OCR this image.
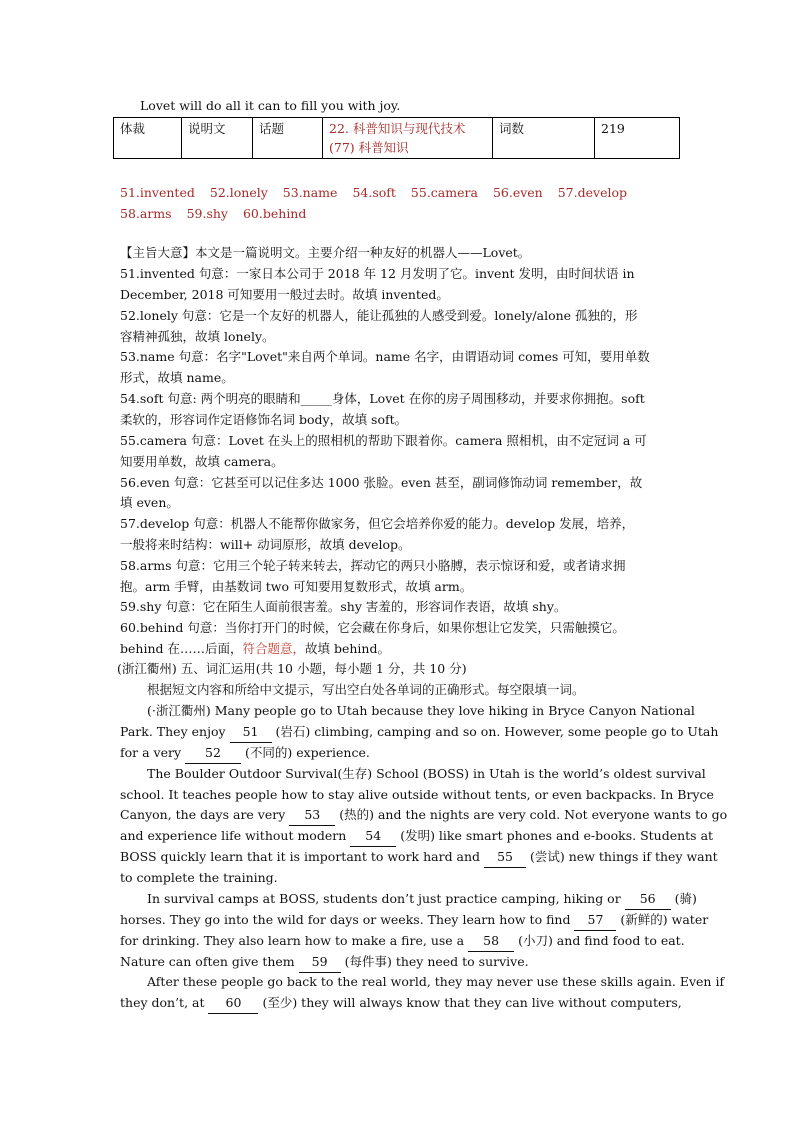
Lovet will do all it can to fill you with joy.
体裁	说明文	话题	22. 科普知识与现代技术
(77) 科普知识
	词数	219
51.invented 52.lonely 53.name 54.soft 55.camera 56.even 57.develop58.arms 59.shy 60.behind
【主旨大意】本文是一篇说明文。主要介绍一种友好的机器人——Lovet。
51.invented 句意：一家日本公司于 2018 年 12 月发明了它。invent 发明，由时间状语 in
December, 2018 可知要用一般过去时。故填 invented。
52.lonely 句意：它是一个友好的机器人，能让孤独的人感受到爱。lonely/alone 孤独的，形
容精神孤独，故填 lonely。
53.name 句意：名字"Lovet"来自两个单词。name 名字，由谓语动词 comes 可知，要用单数
形式，故填 name。
54.soft 句意: 两个明亮的眼睛和_____身体，Lovet 在你的房子周围移动，并要求你拥抱。soft
柔软的，形容词作定语修饰名词 body，故填 soft。
55.camera 句意：Lovet 在头上的照相机的帮助下跟着你。camera 照相机，由不定冠词 a 可
知要用单数，故填 camera。
56.even 句意：它甚至可以记住多达 1000 张脸。even 甚至，副词修饰动词 remember，故
填 even。
57.develop 句意：机器人不能帮你做家务，但它会培养你爱的能力。develop 发展，培养，
一般将来时结构：will+ 动词原形，故填 develop。
58.arms 句意：它用三个轮子转来转去，挥动它的两只小胳膊，表示惊讶和爱，或者请求拥
抱。arm 手臂，由基数词 two 可知要用复数形式，故填 arm。
59.shy 句意：它在陌生人面前很害羞。shy 害羞的，形容词作表语，故填 shy。
60.behind 句意：当你打开门的时候，它会藏在你身后，如果你想让它发笑，只需触摸它。
behind 在……后面，符合题意，故填 behind。
(浙江衢州) 五、词汇运用(共 10 小题，每小题 1 分，共 10 分)
根据短文内容和所给中文提示，写出空白处各单词的正确形式。每空限填一词。
(·浙江衢州) Many people go to Utah because they love hiking in Bryce Canyon National
Park. They enjoy 51 (岩石) climbing, camping and so on. However, some people go to Utah
for a very 52 (不同的) experience.
The Boulder Outdoor Survival(生存) School (BOSS) in Utah is the world’s oldest survival
school. It teaches people how to stay alive outside without tents, or even backpacks. In Bryce
Canyon, the days are very 53 (热的) and the nights are very cold. Not everyone wants to go
and experience life without modern 54 (发明) like smart phones and e-books. Students at
BOSS quickly learn that it is important to work hard and 55 (尝试) new things if they want
to complete the training.
In survival camps at BOSS, students don’t just practice camping, hiking or 56 (骑)
horses. They go into the wild for days or weeks. They learn how to find 57 (新鲜的) water
for drinking. They also learn how to make a fire, use a 58 (小刀) and find food to eat.
Nature can often give them 59 (每件事) they need to survive.
After these people go back to the real world, they may never use these skills again. Even if
they don’t, at 60 (至少) they will always know that they can live without computers,
